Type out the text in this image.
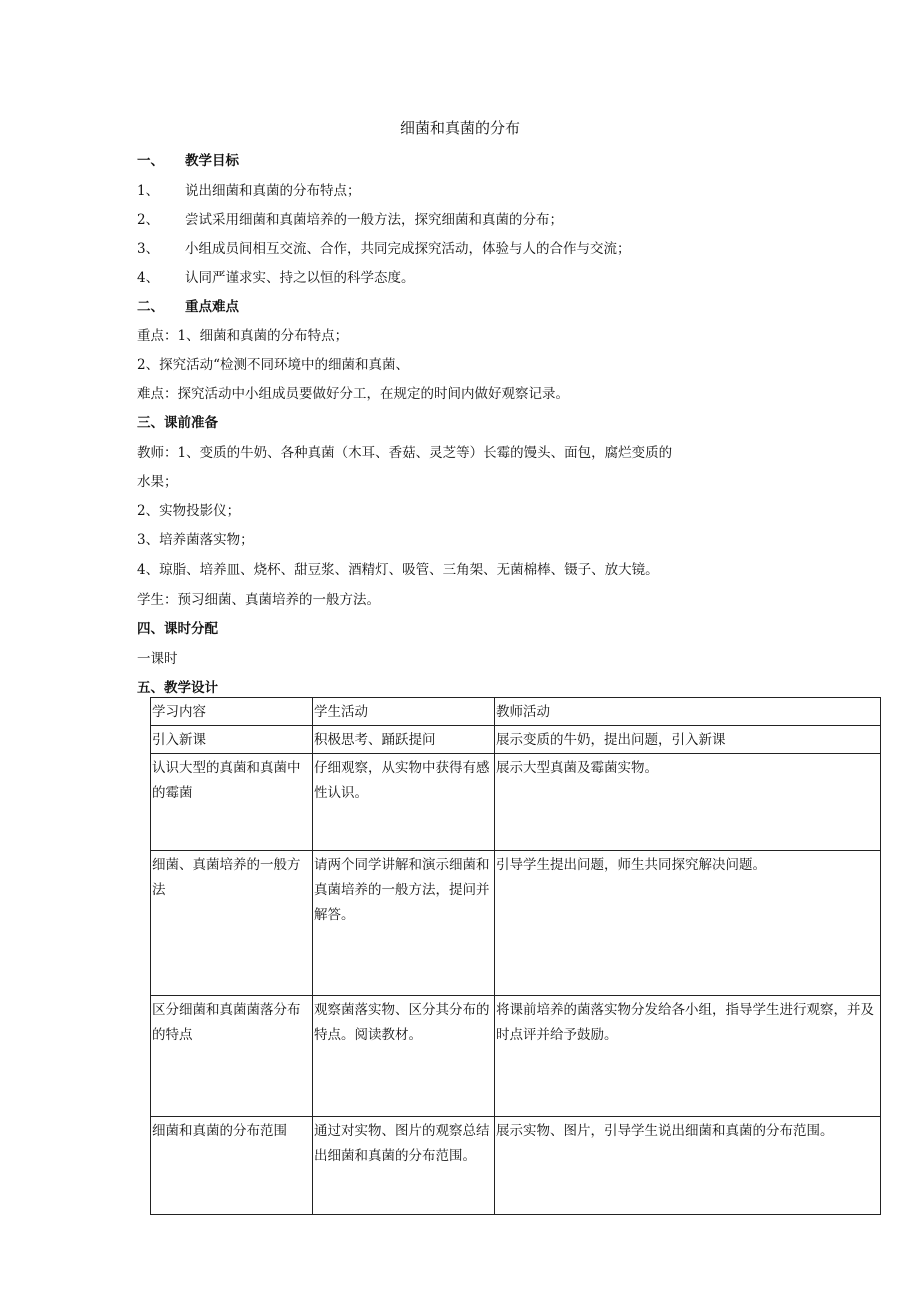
细菌和真菌的分布
一、 教学目标
1、 说出细菌和真菌的分布特点；
2、 尝试采用细菌和真菌培养的一般方法，探究细菌和真菌的分布；
3、 小组成员间相互交流、合作，共同完成探究活动，体验与人的合作与交流；
4、 认同严谨求实、持之以恒的科学态度。
二、 重点难点
重点：1、细菌和真菌的分布特点；
2、探究活动“检测不同环境中的细菌和真菌、
难点：探究活动中小组成员要做好分工，在规定的时间内做好观察记录。
三、课前准备
教师：1、变质的牛奶、各种真菌（木耳、香菇、灵芝等）长霉的馒头、面包，腐烂变质的
水果；
2、实物投影仪；
3、培养菌落实物；
4、琼脂、培养皿、烧杯、甜豆浆、酒精灯、吸管、三角架、无菌棉棒、镊子、放大镜。
学生：预习细菌、真菌培养的一般方法。
四、课时分配
一课时
五、教学设计
学习内容	学生活动	教师活动
引入新课	积极思考、踊跃提问	展示变质的牛奶，提出问题，引入新课
认识大型的真菌和真菌中的霉菌	仔细观察，从实物中获得有感性认识。	展示大型真菌及霉菌实物。
细菌、真菌培养的一般方法	请两个同学讲解和演示细菌和真菌培养的一般方法，提问并解答。	引导学生提出问题，师生共同探究解决问题。
区分细菌和真菌菌落分布的特点	观察菌落实物、区分其分布的特点。阅读教材。	将课前培养的菌落实物分发给各小组，指导学生进行观察，并及时点评并给予鼓励。
细菌和真菌的分布范围	通过对实物、图片的观察总结出细菌和真菌的分布范围。	展示实物、图片，引导学生说出细菌和真菌的分布范围。
